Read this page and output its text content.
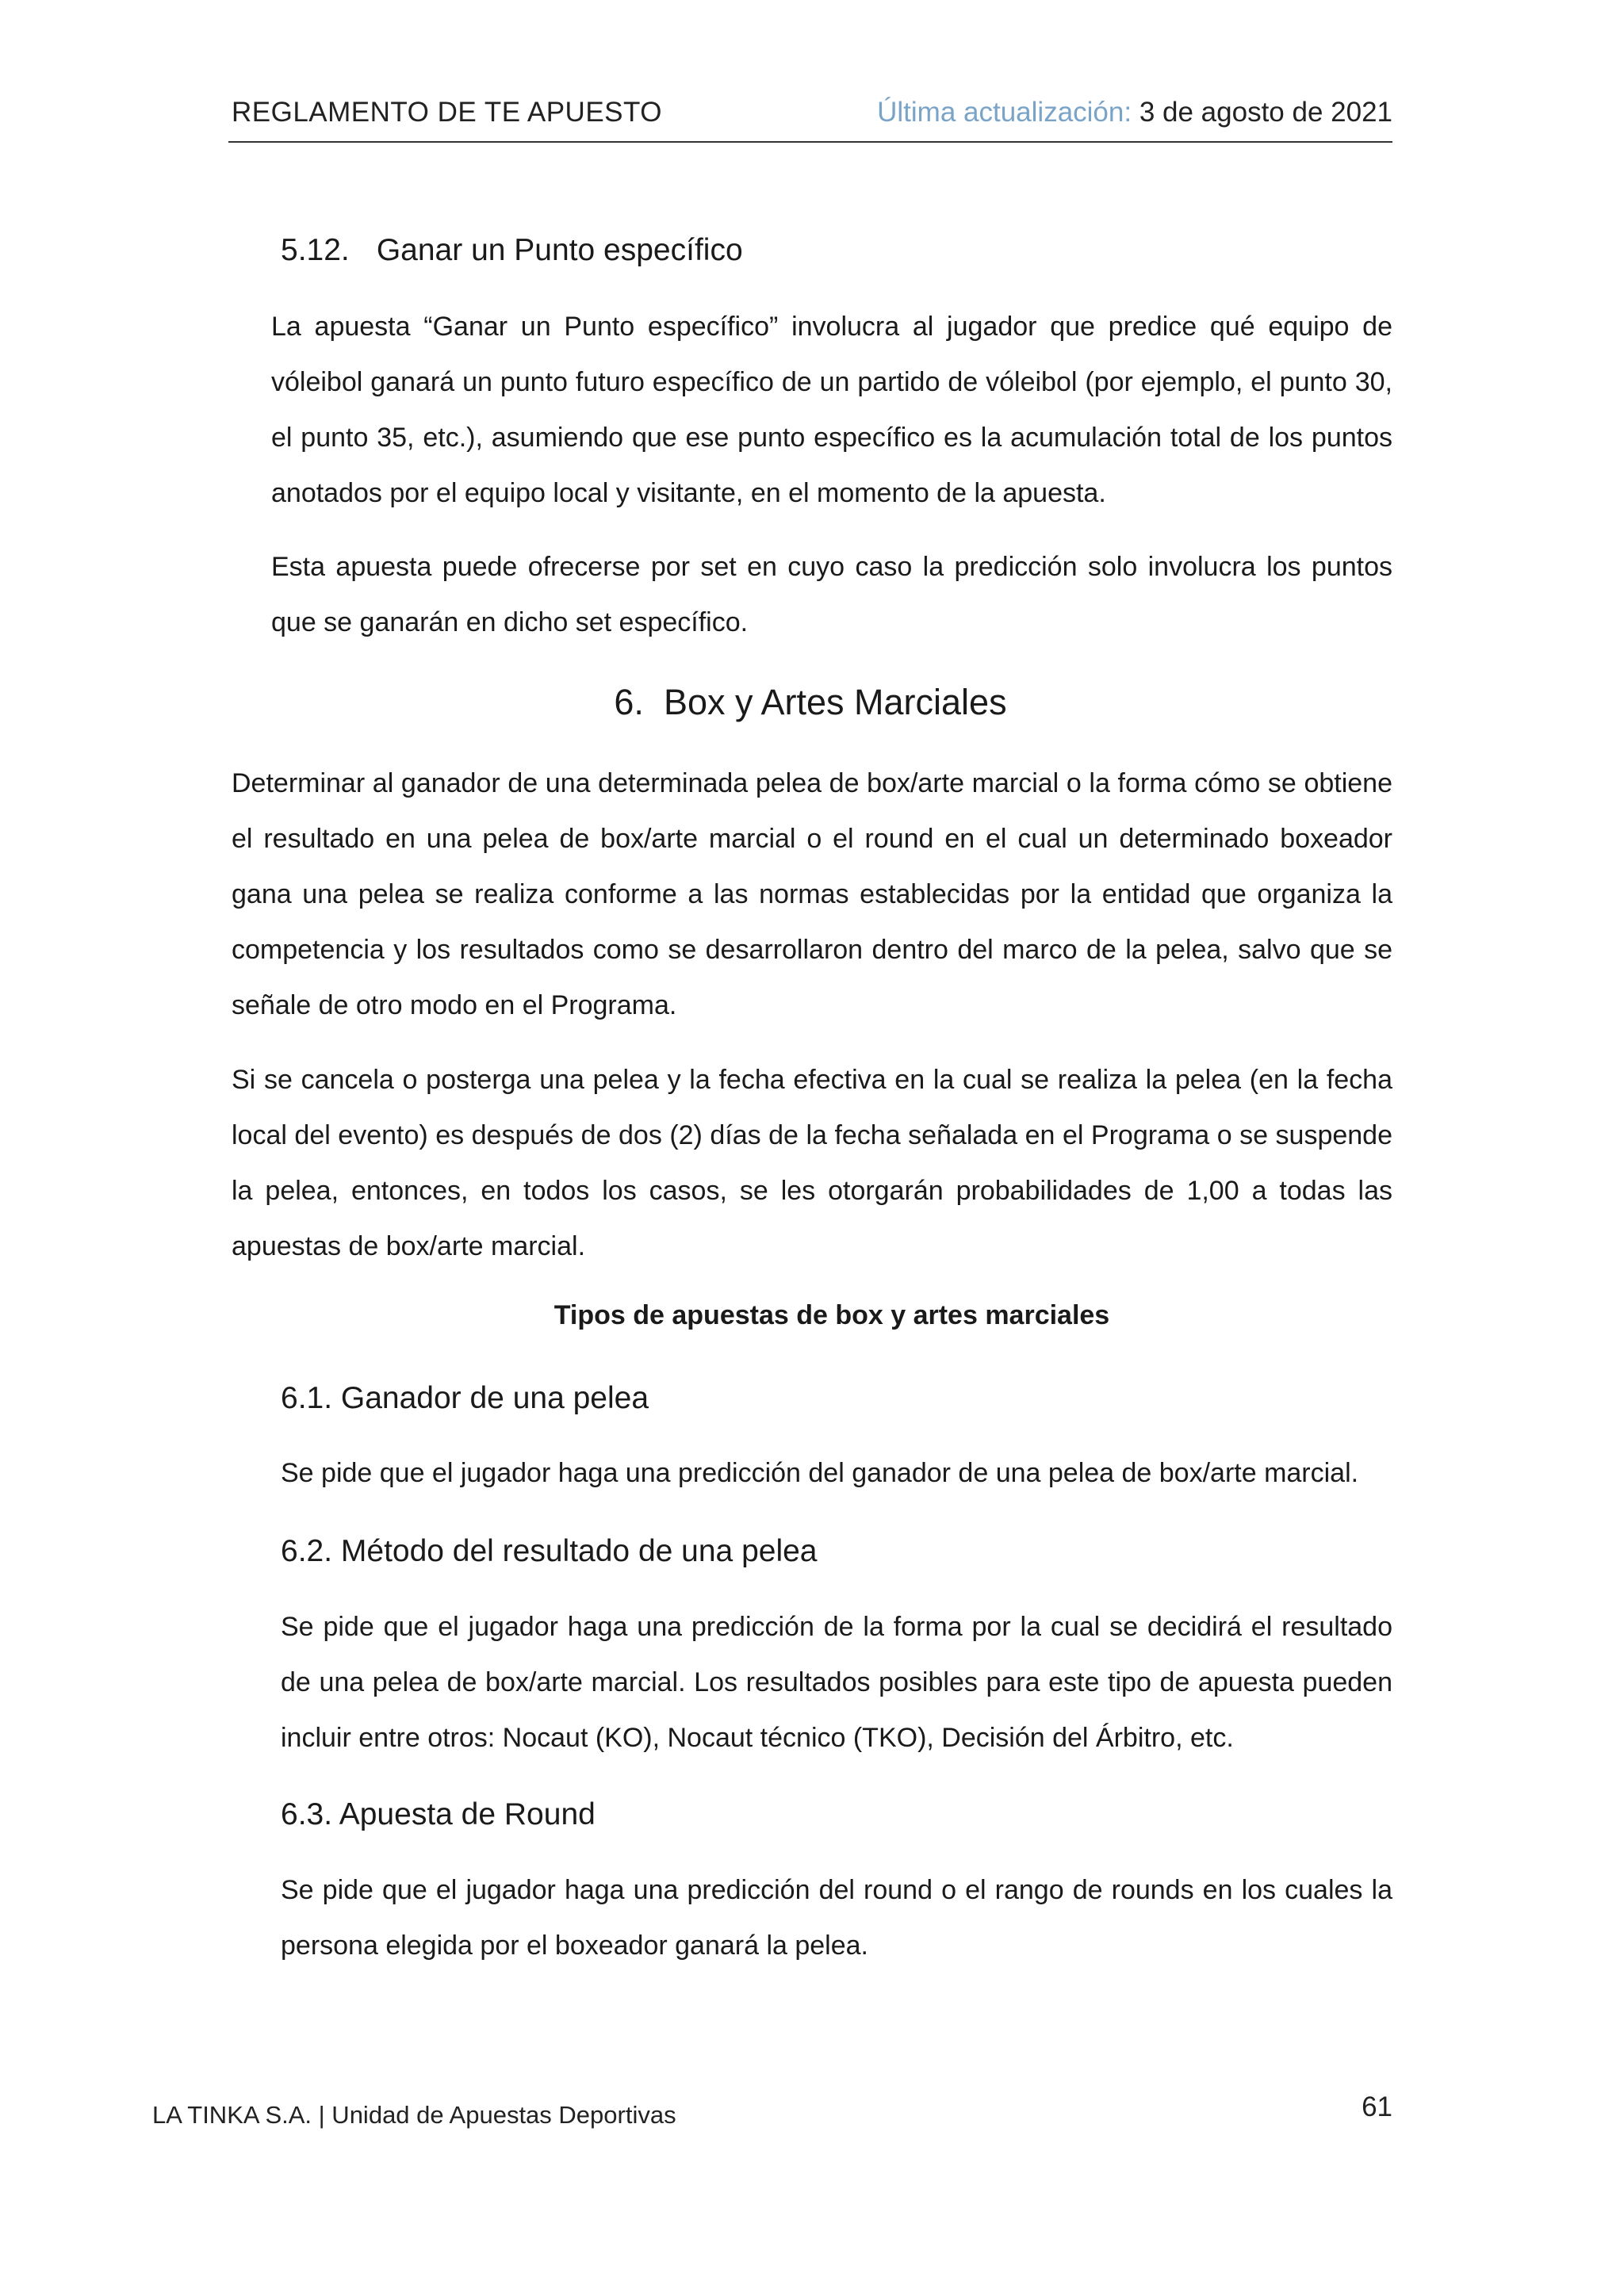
REGLAMENTO DE TE APUESTO	Última actualización: 3 de agosto de 2021
5.12. Ganar un Punto específico

La apuesta “Ganar un Punto específico” involucra al jugador que predice qué equipo de vóleibol ganará un punto futuro específico de un partido de vóleibol (por ejemplo, el punto 30, el punto 35, etc.), asumiendo que ese punto específico es la acumulación total de los puntos anotados por el equipo local y visitante, en el momento de la apuesta.

Esta apuesta puede ofrecerse por set en cuyo caso la predicción solo involucra los puntos que se ganarán en dicho set específico.

6.  Box y Artes Marciales

Determinar al ganador de una determinada pelea de box/arte marcial o la forma cómo se obtiene el resultado en una pelea de box/arte marcial o el round en el cual un determinado boxeador gana una pelea se realiza conforme a las normas establecidas por la entidad que organiza la competencia y los resultados como se desarrollaron dentro del marco de la pelea, salvo que se señale de otro modo en el Programa.

Si se cancela o posterga una pelea y la fecha efectiva en la cual se realiza la pelea (en la fecha local del evento) es después de dos (2) días de la fecha señalada en el Programa o se suspende la pelea, entonces, en todos los casos, se les otorgarán probabilidades de 1,00 a todas las apuestas de box/arte marcial.

Tipos de apuestas de box y artes marciales
6.1. Ganador de una pelea

Se pide que el jugador haga una predicción del ganador de una pelea de box/arte marcial.

6.2. Método del resultado de una pelea

Se pide que el jugador haga una predicción de la forma por la cual se decidirá el resultado de una pelea de box/arte marcial. Los resultados posibles para este tipo de apuesta pueden incluir entre otros: Nocaut (KO), Nocaut técnico (TKO), Decisión del Árbitro, etc.

6.3. Apuesta de Round

Se pide que el jugador haga una predicción del round o el rango de rounds en los cuales la persona elegida por el boxeador ganará la pelea.

LA TINKA S.A. | Unidad de Apuestas Deportivas	61
